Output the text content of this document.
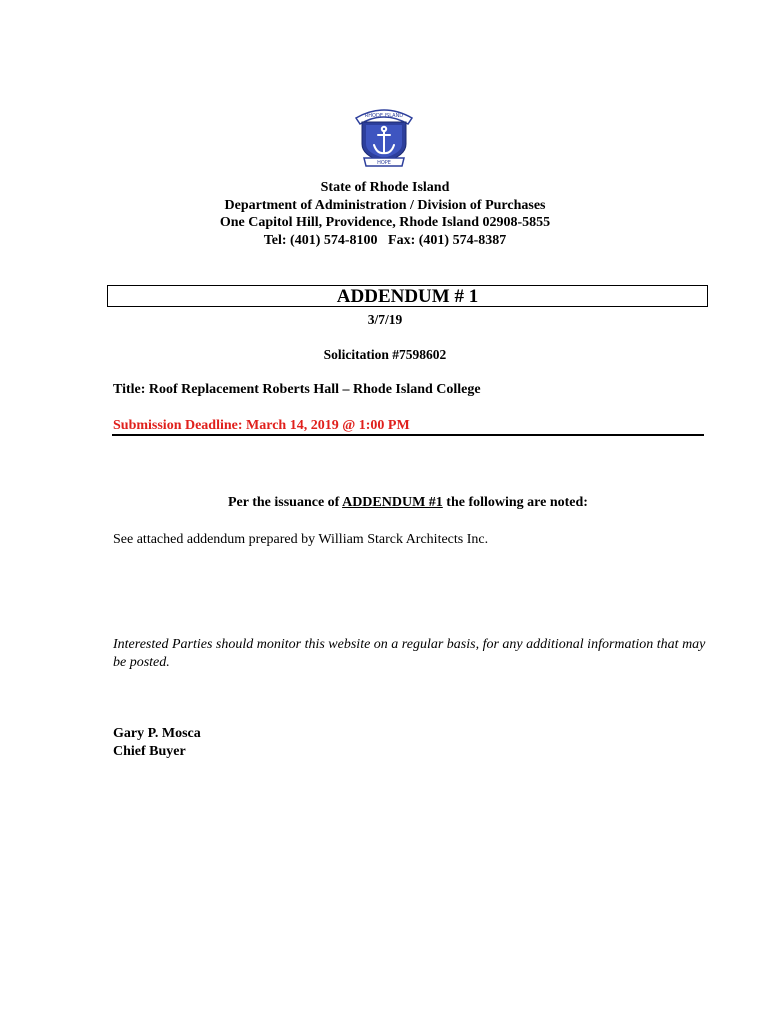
RHODE ISLAND
HOPE
State of Rhode Island
Department of Administration / Division of Purchases
One Capitol Hill, Providence, Rhode Island 02908-5855
Tel: (401) 574-8100   Fax: (401) 574-8387
ADDENDUM # 1
3/7/19
Solicitation #7598602
Title: Roof Replacement Roberts Hall – Rhode Island College
Submission Deadline: March 14, 2019 @ 1:00 PM
Per the issuance of ADDENDUM #1 the following are noted:
See attached addendum prepared by William Starck Architects Inc.
Interested Parties should monitor this website on a regular basis, for any additional information that may be posted.
Gary P. Mosca
Chief Buyer
